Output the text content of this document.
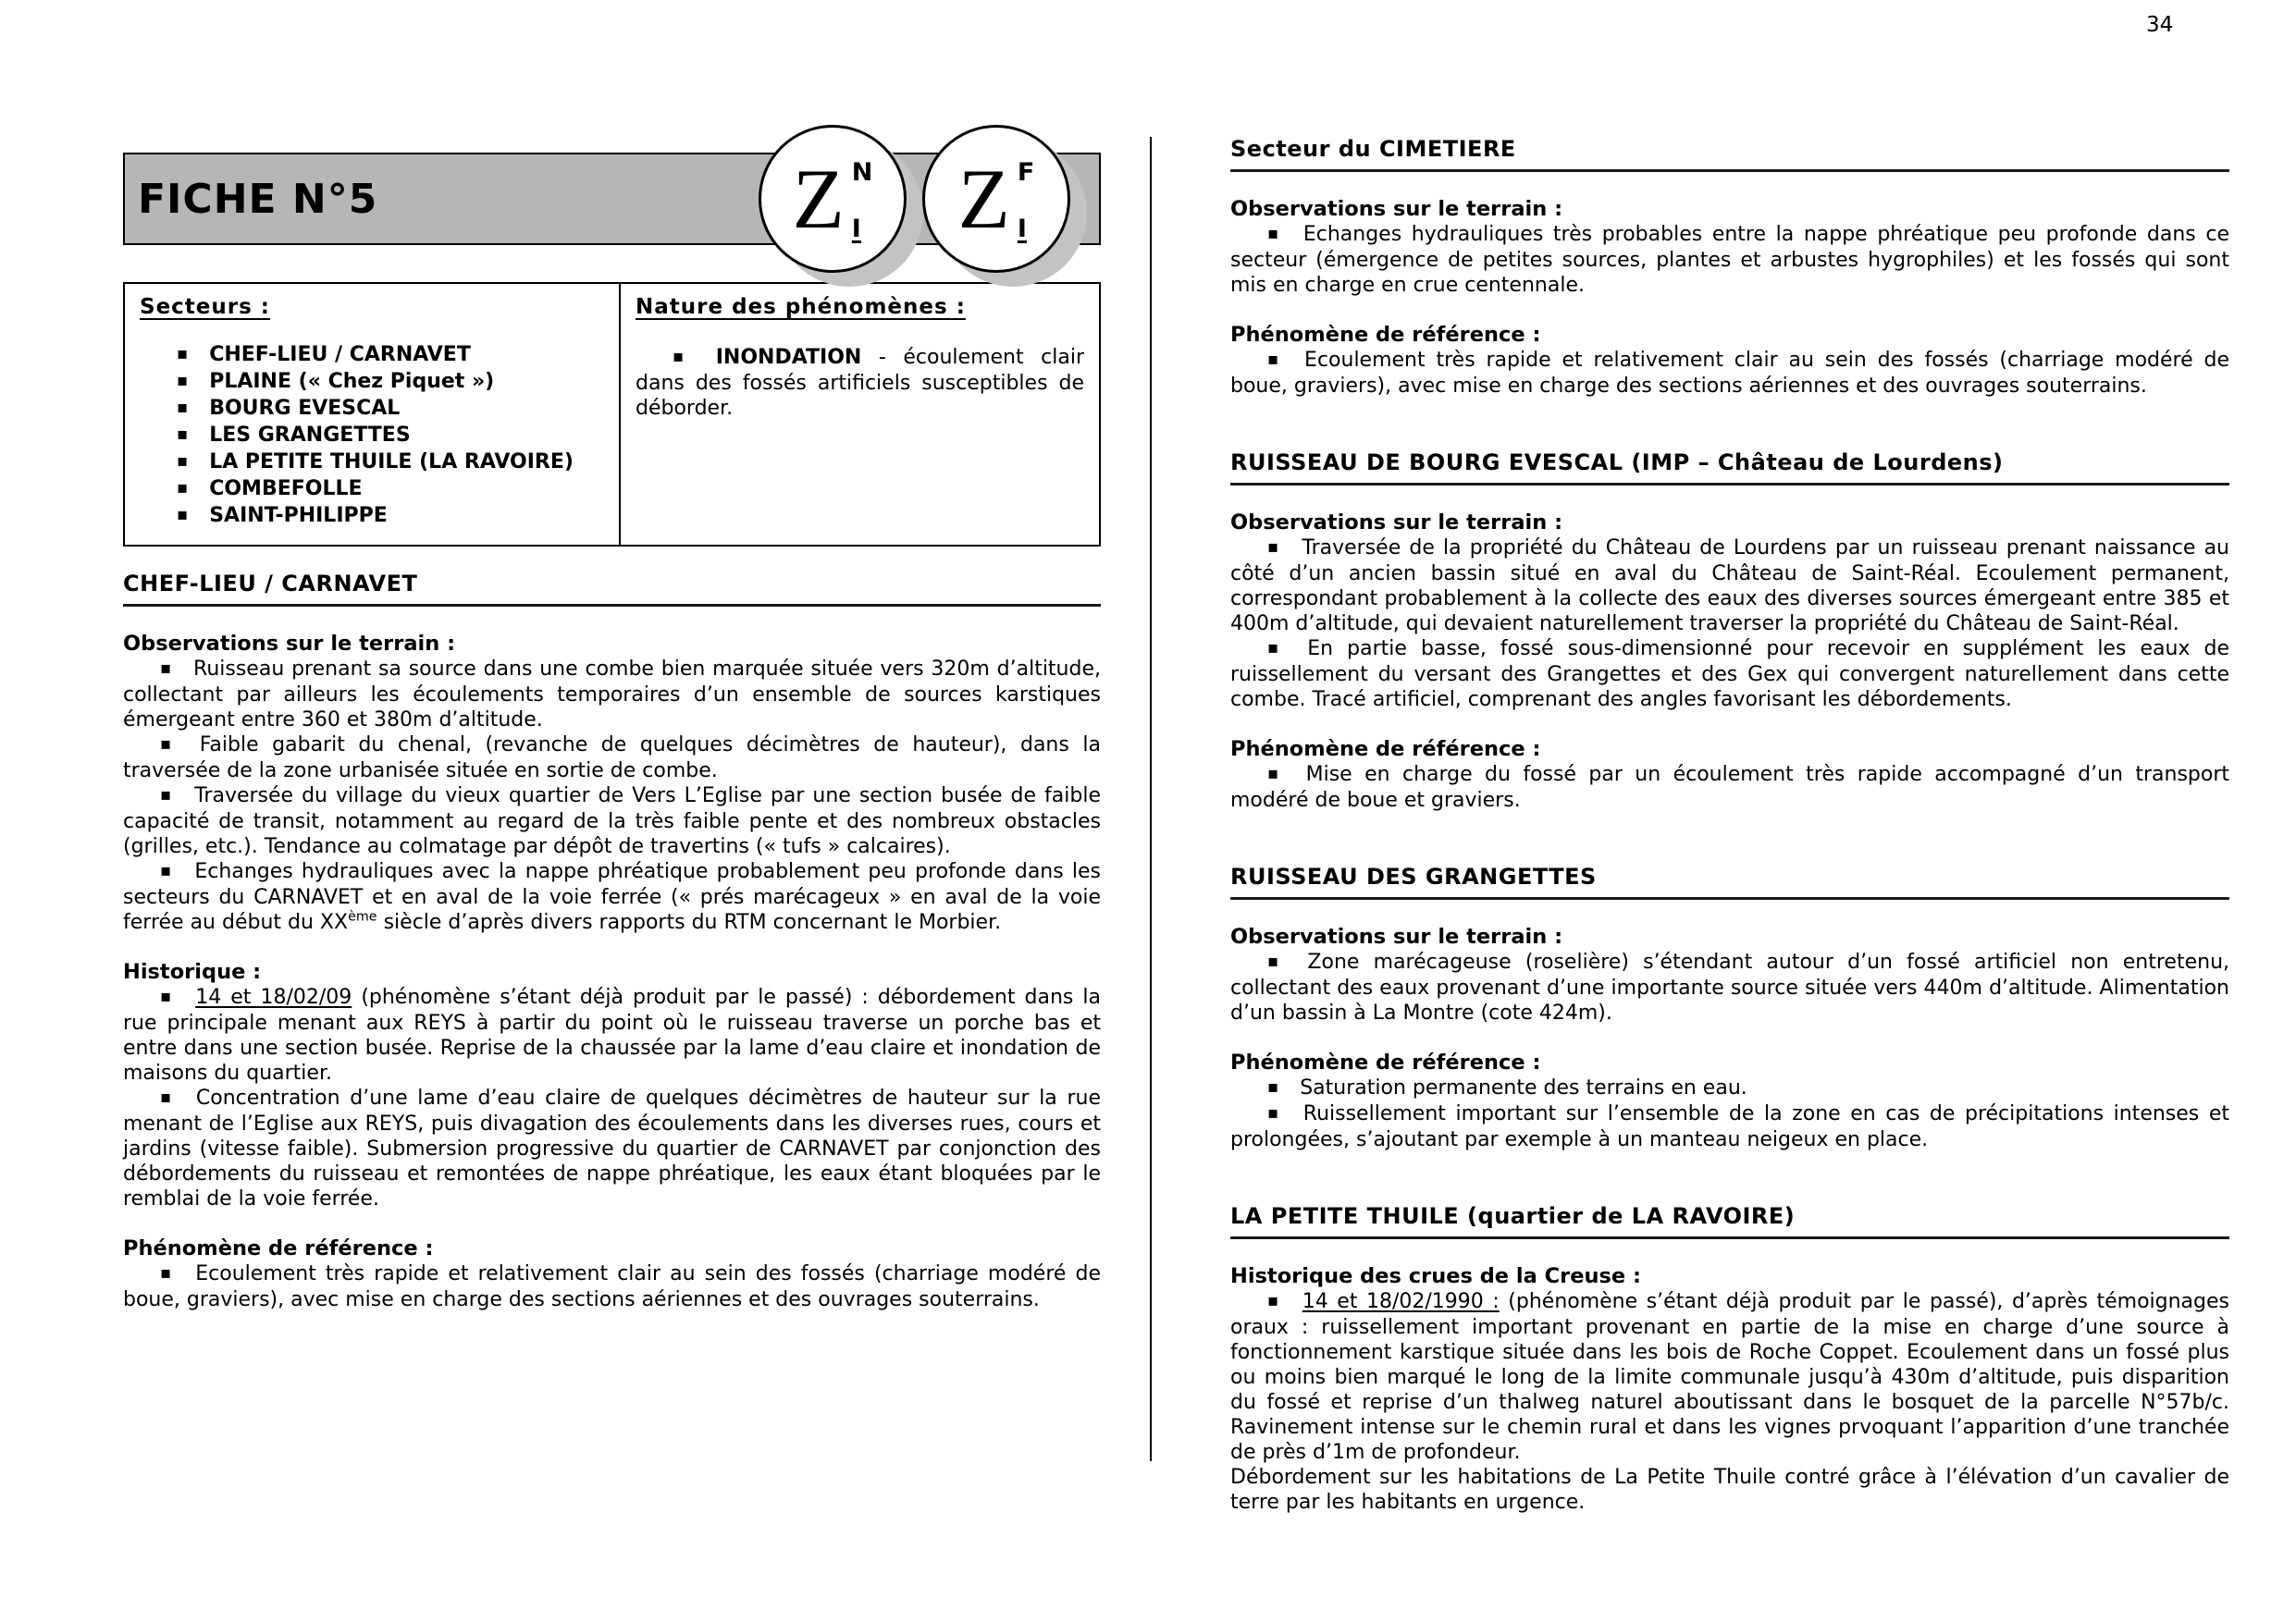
34
Z N
I Z F
I
FICHE N°5

Secteurs :

▪ CHEF-LIEU / CARNAVET

▪ PLAINE (« Chez Piquet »)

▪ BOURG EVESCAL

▪ LES GRANGETTES

▪ LA PETITE THUILE (LA RAVOIRE)

▪ COMBEFOLLE

▪ SAINT-PHILIPPE

Nature des phénomènes :

▪ INONDATION - écoulement clair dans des fossés artificiels susceptibles de déborder.

CHEF-LIEU / CARNAVET

Observations sur le terrain :

▪ Ruisseau prenant sa source dans une combe bien marquée située vers 320m d’altitude, collectant par ailleurs les écoulements temporaires d’un ensemble de sources karstiques émergeant entre 360 et 380m d’altitude.

▪ Faible gabarit du chenal, (revanche de quelques décimètres de hauteur), dans la traversée de la zone urbanisée située en sortie de combe.

▪ Traversée du village du vieux quartier de Vers L’Eglise par une section busée de faible capacité de transit, notamment au regard de la très faible pente et des nombreux obstacles (grilles, etc.). Tendance au colmatage par dépôt de travertins (« tufs » calcaires).

▪ Echanges hydrauliques avec la nappe phréatique probablement peu profonde dans les secteurs du CARNAVET et en aval de la voie ferrée (« prés marécageux » en aval de la voie ferrée au début du XXème siècle d’après divers rapports du RTM concernant le Morbier.

Historique :

▪ 14 et 18/02/09 (phénomène s’étant déjà produit par le passé) : débordement dans la rue principale menant aux REYS à partir du point où le ruisseau traverse un porche bas et entre dans une section busée. Reprise de la chaussée par la lame d’eau claire et inondation de maisons du quartier.

▪ Concentration d’une lame d’eau claire de quelques décimètres de hauteur sur la rue menant de l’Eglise aux REYS, puis divagation des écoulements dans les diverses rues, cours et jardins (vitesse faible). Submersion progressive du quartier de CARNAVET par conjonction des débordements du ruisseau et remontées de nappe phréatique, les eaux étant bloquées par le remblai de la voie ferrée.

Phénomène de référence :

▪ Ecoulement très rapide et relativement clair au sein des fossés (charriage modéré de boue, graviers), avec mise en charge des sections aériennes et des ouvrages souterrains.

Secteur du CIMETIERE

Observations sur le terrain :

▪ Echanges hydrauliques très probables entre la nappe phréatique peu profonde dans ce secteur (émergence de petites sources, plantes et arbustes hygrophiles) et les fossés qui sont mis en charge en crue centennale.

Phénomène de référence :

▪ Ecoulement très rapide et relativement clair au sein des fossés (charriage modéré de boue, graviers), avec mise en charge des sections aériennes et des ouvrages souterrains.

RUISSEAU DE BOURG EVESCAL (IMP – Château de Lourdens)

Observations sur le terrain :

▪ Traversée de la propriété du Château de Lourdens par un ruisseau prenant naissance au côté d’un ancien bassin situé en aval du Château de Saint-Réal. Ecoulement permanent, correspondant probablement à la collecte des eaux des diverses sources émergeant entre 385 et 400m d’altitude, qui devaient naturellement traverser la propriété du Château de Saint-Réal.

▪ En partie basse, fossé sous-dimensionné pour recevoir en supplément les eaux de ruissellement du versant des Grangettes et des Gex qui convergent naturellement dans cette combe. Tracé artificiel, comprenant des angles favorisant les débordements.

Phénomène de référence :

▪ Mise en charge du fossé par un écoulement très rapide accompagné d’un transport modéré de boue et graviers.

RUISSEAU DES GRANGETTES

Observations sur le terrain :

▪ Zone marécageuse (roselière) s’étendant autour d’un fossé artificiel non entretenu, collectant des eaux provenant d’une importante source située vers 440m d’altitude. Alimentation d’un bassin à La Montre (cote 424m).

Phénomène de référence :

▪ Saturation permanente des terrains en eau.

▪ Ruissellement important sur l’ensemble de la zone en cas de précipitations intenses et prolongées, s’ajoutant par exemple à un manteau neigeux en place.

LA PETITE THUILE (quartier de LA RAVOIRE)

Historique des crues de la Creuse :

▪ 14 et 18/02/1990 : (phénomène s’étant déjà produit par le passé), d’après témoignages oraux : ruissellement important provenant en partie de la mise en charge d’une source à fonctionnement karstique située dans les bois de Roche Coppet. Ecoulement dans un fossé plus ou moins bien marqué le long de la limite communale jusqu’à 430m d’altitude, puis disparition du fossé et reprise d’un thalweg naturel aboutissant dans le bosquet de la parcelle N°57b/c. Ravinement intense sur le chemin rural et dans les vignes prvoquant l’apparition d’une tranchée de près d’1m de profondeur.

Débordement sur les habitations de La Petite Thuile contré grâce à l’élévation d’un cavalier de terre par les habitants en urgence.
